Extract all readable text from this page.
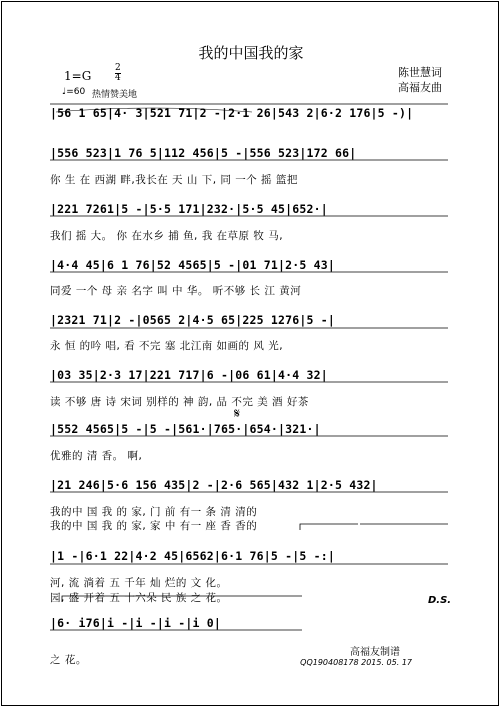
我的中国我的家
1=G
2
4
♩=60 热情赞美地
陈世慧词
高福友曲
|56 1 65|4· 3|521 71|2 -|2·1 26|543 2|6·2 176|5 -)|
|556 523|1 76 5|112 456|5 -|556 523|172 66|
你 生 在 西湖 畔,我长在 天 山 下, 同 一个 摇 篮把
|221 7261|5 -|5·5 171|232·|5·5 45|652·|
我们 摇 大。 你 在水乡 捕 鱼, 我 在草原 牧 马,
|4·4 45|6 1 76|52 4565|5 -|01 71|2·5 43|
同爱 一个 母 亲 名字 叫 中 华。 听不够 长 江 黄河
|2321 71|2 -|0565 2|4·5 65|225 1276|5 -|
永 恒 的吟 唱, 看 不完 塞 北江南 如画的 风 光,
|03 35|2·3 17|221 717|6 -|06 61|4·4 32|
读 不够 唐 诗 宋词 别样的 神 韵, 品 不完 美 酒 好茶
|552 4565|5 -|5 -|561·|765·|654·|321·|
优雅的 清 香。 啊,
𝄋
|21 246|5·6 156 435|2 -|2·6 565|432 1|2·5 432|
我的中 国 我 的 家, 门 前 有一 条 清 清的
我的中 国 我 的 家, 家 中 有一 座 香 香的
|1 -|6·1 22|4·2 45|6562|6·1 76|5 -|5 -:|
河, 流 淌着 五 千年 灿 烂的 文 化。
园, 盛 开着 五 十六朵 民 族 之 花。	D.S.
|6· i76|i -|i -|i -|i 0|
之 花。
高福友制谱
QQ190408178 2015. 05. 17
